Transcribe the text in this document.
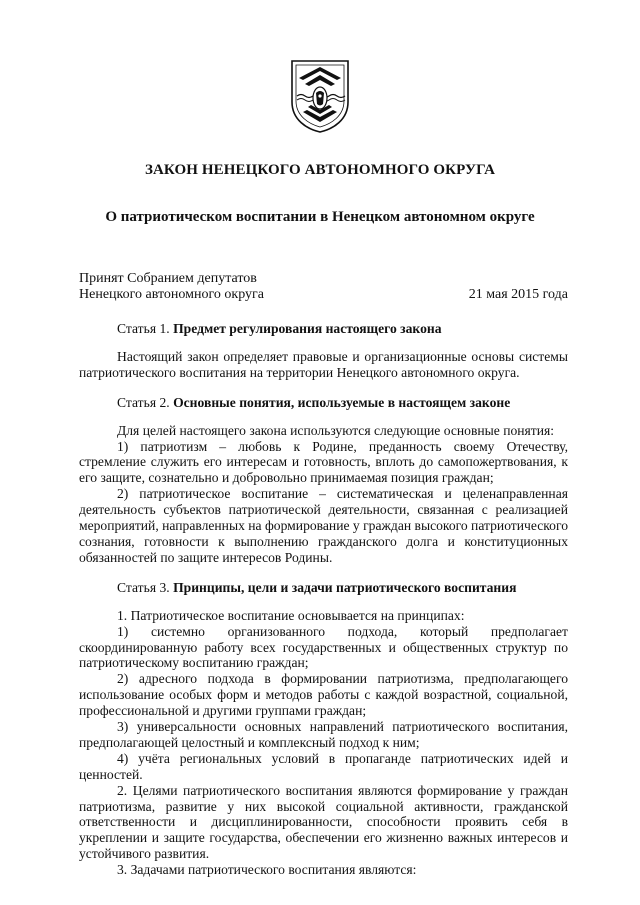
ЗАКОН НЕНЕЦКОГО АВТОНОМНОГО ОКРУГА
О патриотическом воспитании в Ненецком автономном округе
Принят Собранием депутатов
Ненецкого автономного округа	21 мая 2015 года

Статья 1. Предмет регулирования настоящего закона

Настоящий закон определяет правовые и организационные основы системы патриотического воспитания на территории Ненецкого автономного округа.

Статья 2. Основные понятия, используемые в настоящем законе

Для целей настоящего закона используются следующие основные понятия:

1) патриотизм – любовь к Родине, преданность своему Отечеству, стремление служить его интересам и готовность, вплоть до самопожертвования, к его защите, сознательно и добровольно принимаемая позиция граждан;

2) патриотическое воспитание – систематическая и целенаправленная деятельность субъектов патриотической деятельности, связанная с реализацией мероприятий, направленных на формирование у граждан высокого патриотического сознания, готовности к выполнению гражданского долга и конституционных обязанностей по защите интересов Родины.

Статья 3. Принципы, цели и задачи патриотического воспитания

1. Патриотическое воспитание основывается на принципах:

1) системно организованного подхода, который предполагает скоординированную работу всех государственных и общественных структур по патриотическому воспитанию граждан;

2) адресного подхода в формировании патриотизма, предполагающего использование особых форм и методов работы с каждой возрастной, социальной, профессиональной и другими группами граждан;

3) универсальности основных направлений патриотического воспитания, предполагающей целостный и комплексный подход к ним;

4) учёта региональных условий в пропаганде патриотических идей и ценностей.

2. Целями патриотического воспитания являются формирование у граждан патриотизма, развитие у них высокой социальной активности, гражданской ответственности и дисциплинированности, способности проявить себя в укреплении и защите государства, обеспечении его жизненно важных интересов и устойчивого развития.

3. Задачами патриотического воспитания являются:
